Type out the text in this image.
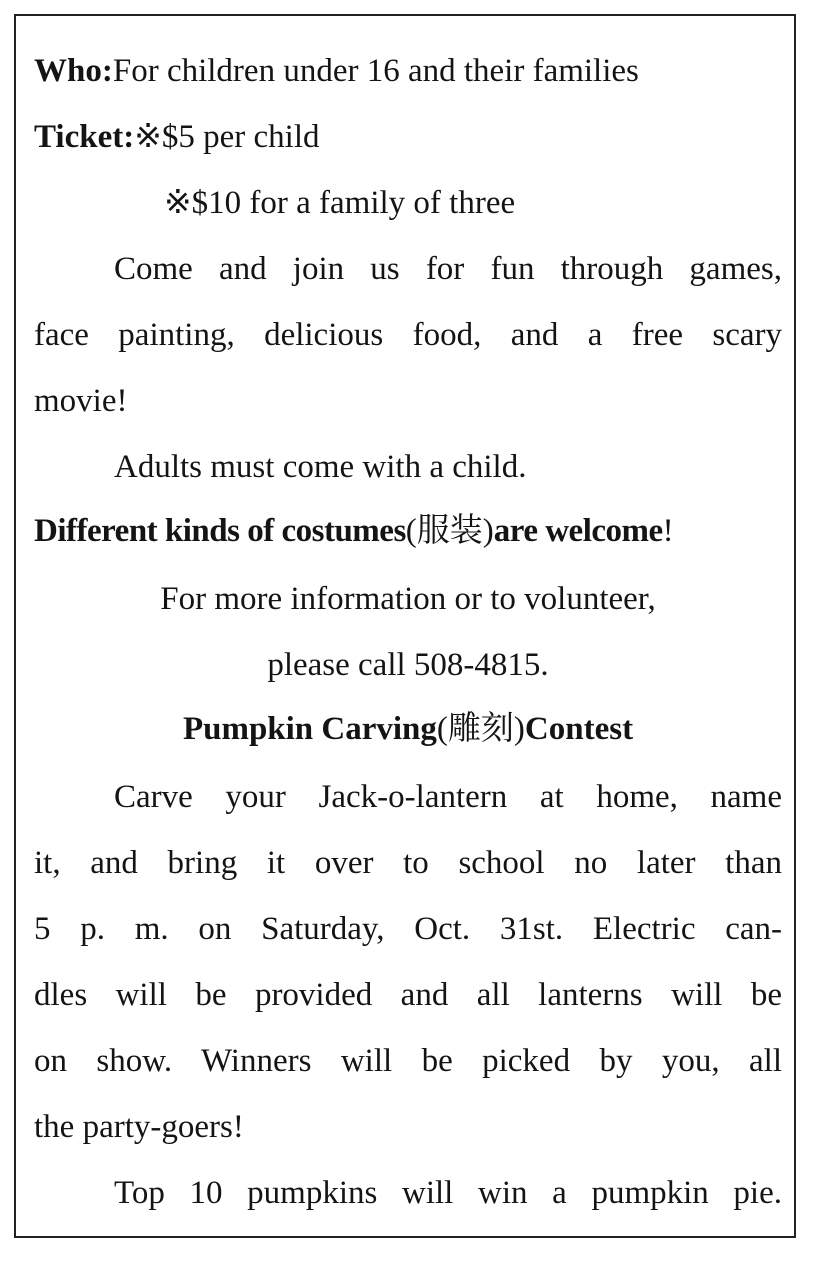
Who:For children under 16 and their families
Ticket:※$5 per child
※$10 for a family of three
Come and join us for fun through games,
face painting, delicious food, and a free scary
movie!
Adults must come with a child.
Different kinds of costumes(服装)are welcome!
For more information or to volunteer,
please call 508-4815.
Pumpkin Carving(雕刻)Contest
Carve your Jack-o-lantern at home, name
it, and bring it over to school no later than
5 p. m. on Saturday, Oct. 31st. Electric can-
dles will be provided and all lanterns will be
on show. Winners will be picked by you, all
the party-goers!
Top 10 pumpkins will win a pumpkin pie.
